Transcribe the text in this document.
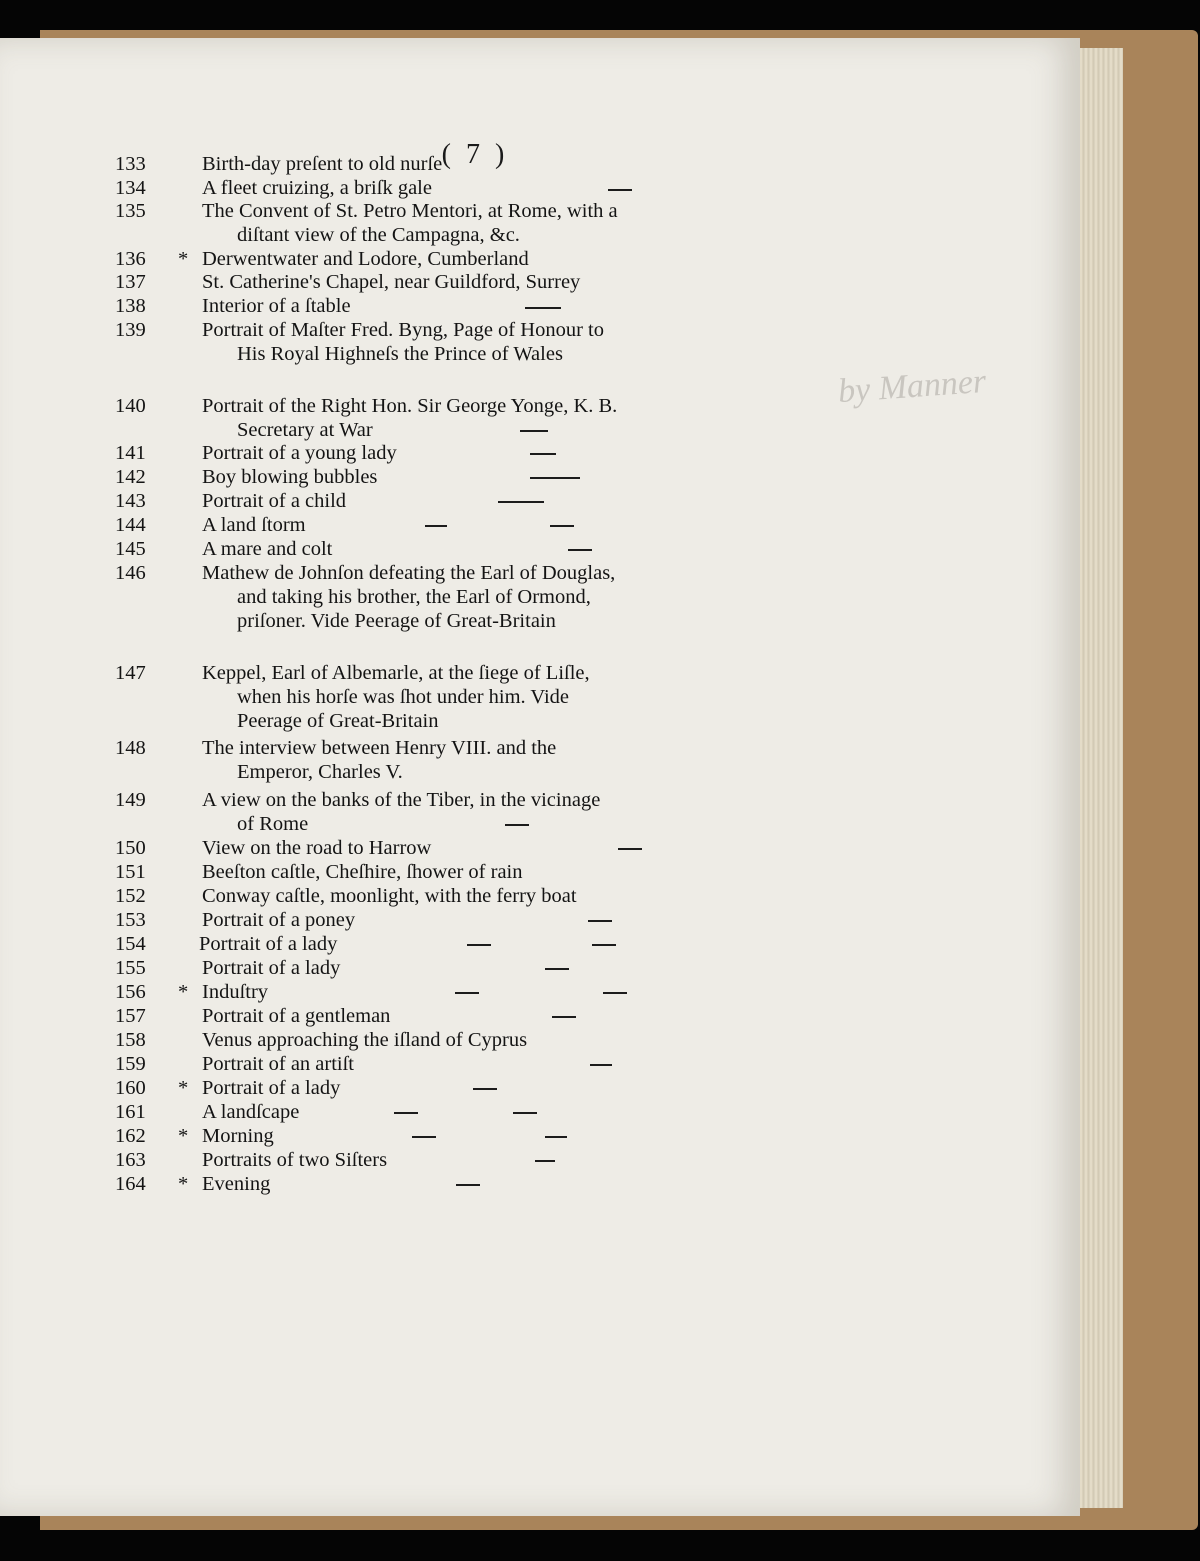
( 7 )
by Manner
133	Birth-day preſent to old nurſe
134	A fleet cruizing, a briſk gale
135	The Convent of St. Petro Mentori, at Rome, with a
diſtant view of the Campagna, &c.
136 * Derwentwater and Lodore, Cumberland
137	St. Catherine's Chapel, near Guildford, Surrey
138	Interior of a ſtable
139	Portrait of Maſter Fred. Byng, Page of Honour to
His Royal Highneſs the Prince of Wales
140	Portrait of the Right Hon. Sir George Yonge, K. B.
Secretary at War
141	Portrait of a young lady
142	Boy blowing bubbles
143	Portrait of a child
144	A land ſtorm
145	A mare and colt
146	Mathew de Johnſon defeating the Earl of Douglas,
and taking his brother, the Earl of Ormond,
priſoner. Vide Peerage of Great-Britain
147	Keppel, Earl of Albemarle, at the ſiege of Liſle,
when his horſe was ſhot under him. Vide
Peerage of Great-Britain
148	The interview between Henry VIII. and the
Emperor, Charles V.
149	A view on the banks of the Tiber, in the vicinage
of Rome
150	View on the road to Harrow
151	Beeſton caſtle, Cheſhire, ſhower of rain
152	Conway caſtle, moonlight, with the ferry boat
153	Portrait of a poney
154	Portrait of a lady
155	Portrait of a lady
156 * Induſtry
157	Portrait of a gentleman
158	Venus approaching the iſland of Cyprus
159	Portrait of an artiſt
160 * Portrait of a lady
161	A landſcape
162 * Morning
163	Portraits of two Siſters
164 * Evening
